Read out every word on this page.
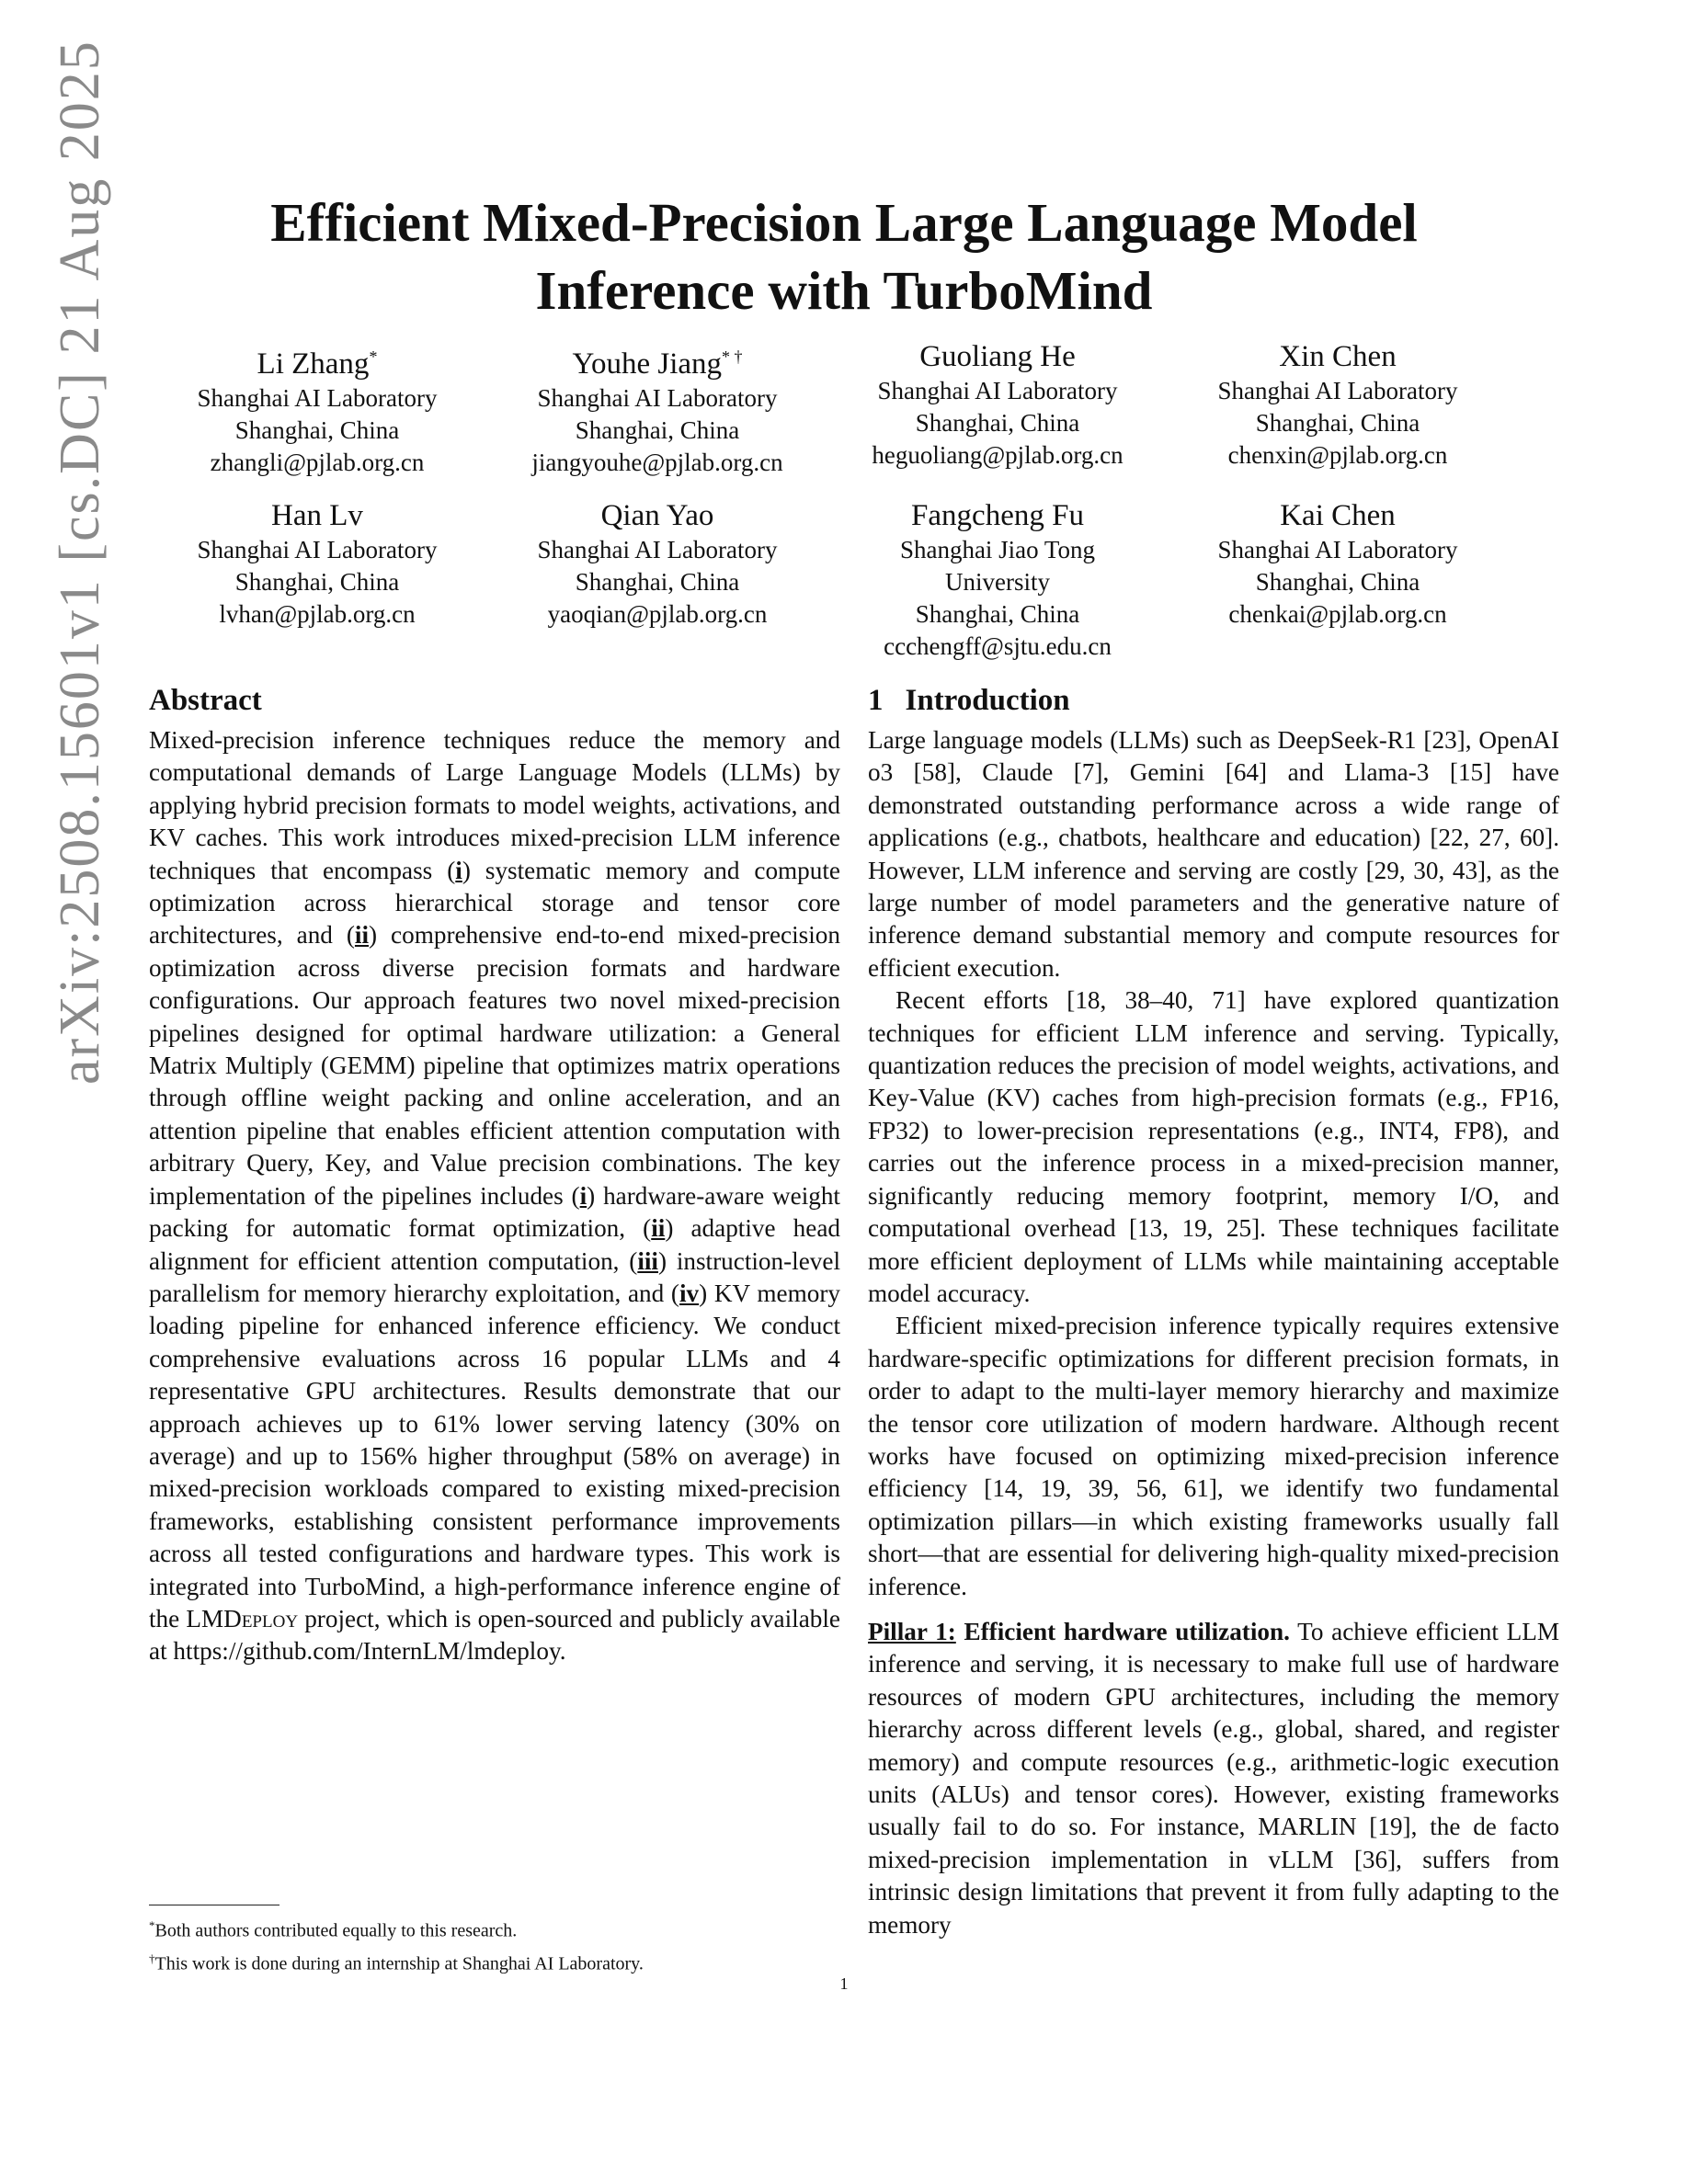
arXiv:2508.15601v1 [cs.DC] 21 Aug 2025	Efficient Mixed-Precision Large Language Model
Inference with TurboMind
Li Zhang*
Shanghai AI Laboratory
Shanghai, China
zhangli@pjlab.org.cn
Youhe Jiang* †
Shanghai AI Laboratory
Shanghai, China
jiangyouhe@pjlab.org.cn
Guoliang He
Shanghai AI Laboratory
Shanghai, China
heguoliang@pjlab.org.cn
Xin Chen
Shanghai AI Laboratory
Shanghai, China
chenxin@pjlab.org.cn
Han Lv
Shanghai AI Laboratory
Shanghai, China
lvhan@pjlab.org.cn
Qian Yao
Shanghai AI Laboratory
Shanghai, China
yaoqian@pjlab.org.cn
Fangcheng Fu
Shanghai Jiao Tong
University
Shanghai, China
ccchengff@sjtu.edu.cn
Kai Chen
Shanghai AI Laboratory
Shanghai, China
chenkai@pjlab.org.cn
Abstract

Mixed-precision inference techniques reduce the memory and computational demands of Large Language Models (LLMs) by applying hybrid precision formats to model weights, activations, and KV caches. This work introduces mixed-precision LLM inference techniques that encompass (i) systematic memory and compute optimization across hierarchical storage and tensor core architectures, and (ii) comprehensive end-to-end mixed-precision optimization across diverse precision formats and hardware configurations. Our approach features two novel mixed-precision pipelines designed for optimal hardware utilization: a General Matrix Multiply (GEMM) pipeline that optimizes matrix operations through offline weight packing and online acceleration, and an attention pipeline that enables efficient attention computation with arbitrary Query, Key, and Value precision combinations. The key implementation of the pipelines includes (i) hardware-aware weight packing for automatic format optimization, (ii) adaptive head alignment for efficient attention computation, (iii) instruction-level parallelism for memory hierarchy exploitation, and (iv) KV memory loading pipeline for enhanced inference efficiency. We conduct comprehensive evaluations across 16 popular LLMs and 4 representative GPU architectures. Results demonstrate that our approach achieves up to 61% lower serving latency (30% on average) and up to 156% higher throughput (58% on average) in mixed-precision workloads compared to existing mixed-precision frameworks, establishing consistent performance improvements across all tested configurations and hardware types. This work is integrated into TurboMind, a high-performance inference engine of the LMDeploy project, which is open-sourced and publicly available at https://github.com/InternLM/lmdeploy.

1 Introduction

Large language models (LLMs) such as DeepSeek-R1 [23], OpenAI o3 [58], Claude [7], Gemini [64] and Llama-3 [15] have demonstrated outstanding performance across a wide range of applications (e.g., chatbots, healthcare and education) [22, 27, 60]. However, LLM inference and serving are costly [29, 30, 43], as the large number of model parameters and the generative nature of inference demand substantial memory and compute resources for efficient execution.

Recent efforts [18, 38–40, 71] have explored quantization techniques for efficient LLM inference and serving. Typically, quantization reduces the precision of model weights, activations, and Key-Value (KV) caches from high-precision formats (e.g., FP16, FP32) to lower-precision representations (e.g., INT4, FP8), and carries out the inference process in a mixed-precision manner, significantly reducing memory footprint, memory I/O, and computational overhead [13, 19, 25]. These techniques facilitate more efficient deployment of LLMs while maintaining acceptable model accuracy.

Efficient mixed-precision inference typically requires extensive hardware-specific optimizations for different precision formats, in order to adapt to the multi-layer memory hierarchy and maximize the tensor core utilization of modern hardware. Although recent works have focused on optimizing mixed-precision inference efficiency [14, 19, 39, 56, 61], we identify two fundamental optimization pillars—in which existing frameworks usually fall short—that are essential for delivering high-quality mixed-precision inference.

Pillar 1: Efficient hardware utilization. To achieve efficient LLM inference and serving, it is necessary to make full use of hardware resources of modern GPU architectures, including the memory hierarchy across different levels (e.g., global, shared, and register memory) and compute resources (e.g., arithmetic-logic execution units (ALUs) and tensor cores). However, existing frameworks usually fail to do so. For instance, MARLIN [19], the de facto mixed-precision implementation in vLLM [36], suffers from intrinsic design limitations that prevent it from fully adapting to the memory

*Both authors contributed equally to this research.
†This work is done during an internship at Shanghai AI Laboratory.
1
